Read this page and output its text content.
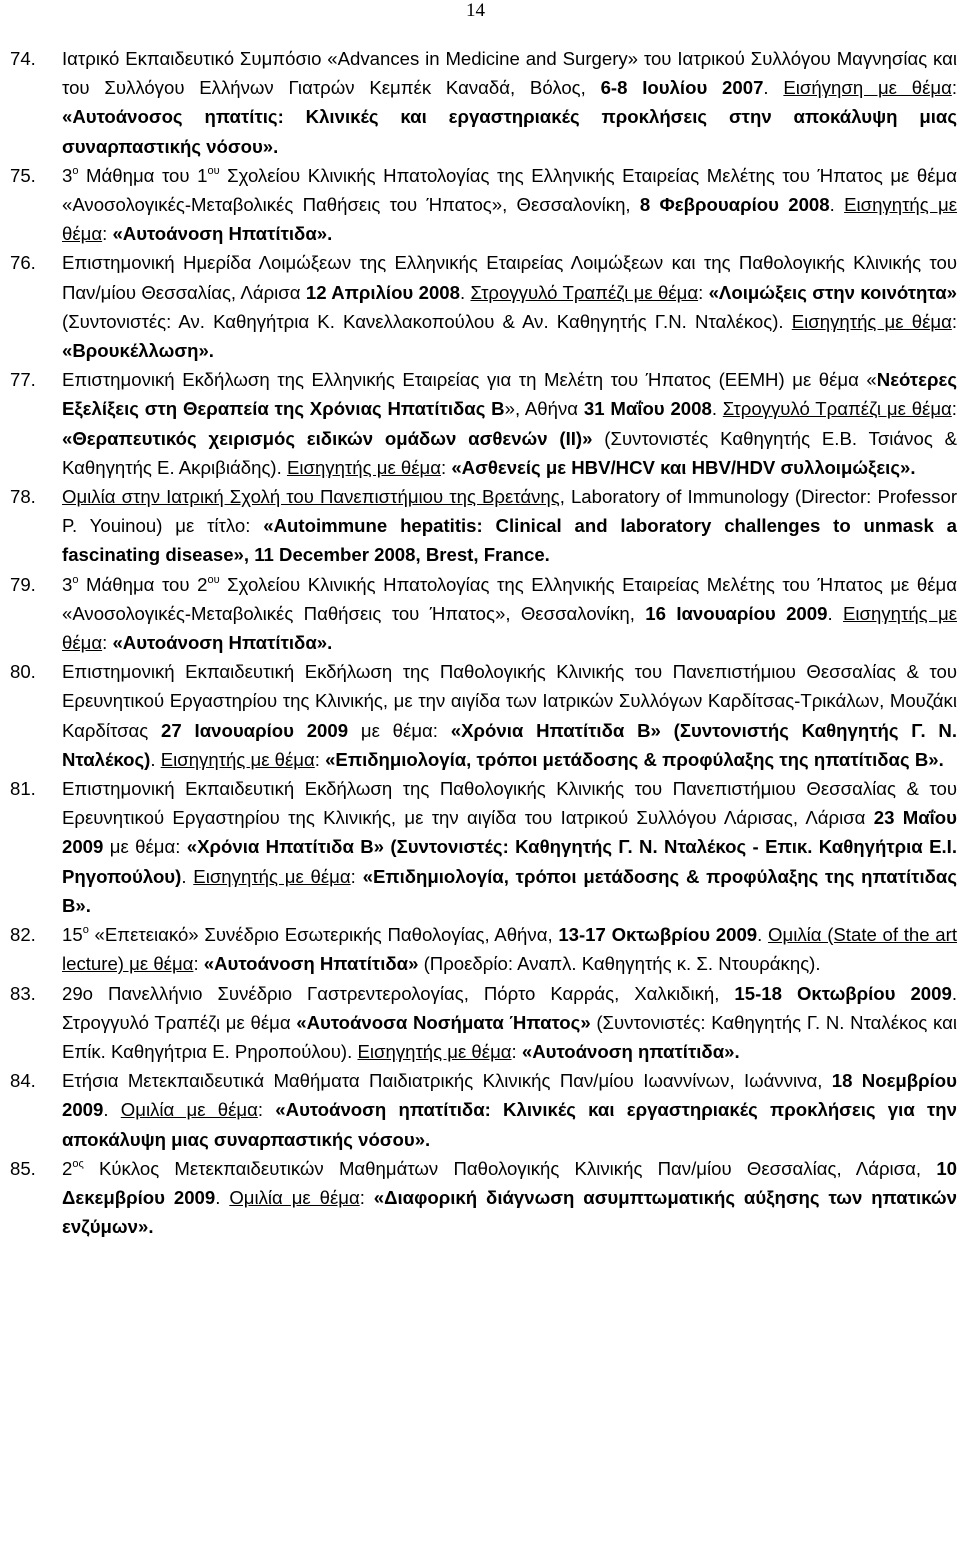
14
74.	Ιατρικό Εκπαιδευτικό Συμπόσιο «Advances in Medicine and Surgery» του Ιατρικού Συλλόγου Μαγνησίας και του Συλλόγου Ελλήνων Γιατρών Κεμπέκ Καναδά, Βόλος, 6-8 Ιουλίου 2007. Εισήγηση με θέμα: «Αυτοάνοσος ηπατίτις: Κλινικές και εργαστηριακές προκλήσεις στην αποκάλυψη μιας συναρπαστικής νόσου».
75.	$3^o$ Μάθημα του $1^{o\upsilon}$ Σχολείου Κλινικής Ηπατολογίας της Ελληνικής Εταιρείας Μελέτης του Ήπατος με θέμα «Ανοσολογικές-Μεταβολικές Παθήσεις του Ήπατος», Θεσσαλονίκη, 8 Φεβρουαρίου 2008. Εισηγητής με θέμα: «Αυτοάνοση Ηπατίτιδα».
76.	Επιστημονική Ημερίδα Λοιμώξεων της Ελληνικής Εταιρείας Λοιμώξεων και της Παθολογικής Κλινικής του Παν/μίου Θεσσαλίας, Λάρισα 12 Απριλίου 2008. Στρογγυλό Τραπέζι με θέμα: «Λοιμώξεις στην κοινότητα» (Συντονιστές: Αν. Καθηγήτρια Κ. Κανελλακοπούλου & Αν. Καθηγητής Γ.Ν. Νταλέκος). Εισηγητής με θέμα: «Βρουκέλλωση».
77.	Επιστημονική Εκδήλωση της Ελληνικής Εταιρείας για τη Μελέτη του Ήπατος (ΕΕΜΗ) με θέμα «Νεότερες Εξελίξεις στη Θεραπεία της Χρόνιας Ηπατίτιδας Β», Αθήνα 31 Μαΐου 2008. Στρογγυλό Τραπέζι με θέμα: «Θεραπευτικός χειρισμός ειδικών ομάδων ασθενών (ΙΙ)» (Συντονιστές Καθηγητής Ε.Β. Τσιάνος & Καθηγητής Ε. Ακριβιάδης). Εισηγητής με θέμα: «Ασθενείς με HBV/HCV και HBV/HDV συλλοιμώξεις».
78.	Ομιλία στην Ιατρική Σχολή του Πανεπιστήμιου της Βρετάνης, Laboratory of Immunology (Director: Professor P. Youinou) με τίτλο: «Autoimmune hepatitis: Clinical and laboratory challenges to unmask a fascinating disease», 11 December 2008, Brest, France.
79.	$3^o$ Μάθημα του $2^{o\upsilon}$ Σχολείου Κλινικής Ηπατολογίας της Ελληνικής Εταιρείας Μελέτης του Ήπατος με θέμα «Ανοσολογικές-Μεταβολικές Παθήσεις του Ήπατος», Θεσσαλονίκη, 16 Ιανουαρίου 2009. Εισηγητής με θέμα: «Αυτοάνοση Ηπατίτιδα».
80.	Επιστημονική Εκπαιδευτική Εκδήλωση της Παθολογικής Κλινικής του Πανεπιστήμιου Θεσσαλίας & του Ερευνητικού Εργαστηρίου της Κλινικής, με την αιγίδα των Ιατρικών Συλλόγων Καρδίτσας-Τρικάλων, Μουζάκι Καρδίτσας 27 Ιανουαρίου 2009 με θέμα: «Χρόνια Ηπατίτιδα Β» (Συντονιστής Καθηγητής Γ. Ν. Νταλέκος). Εισηγητής με θέμα: «Επιδημιολογία, τρόποι μετάδοσης & προφύλαξης της ηπατίτιδας Β».
81.	Επιστημονική Εκπαιδευτική Εκδήλωση της Παθολογικής Κλινικής του Πανεπιστήμιου Θεσσαλίας & του Ερευνητικού Εργαστηρίου της Κλινικής, με την αιγίδα του Ιατρικού Συλλόγου Λάρισας, Λάρισα 23 Μαΐου 2009 με θέμα: «Χρόνια Ηπατίτιδα Β» (Συντονιστές: Καθηγητής Γ. Ν. Νταλέκος - Επικ. Καθηγήτρια Ε.Ι. Ρηγοπούλου). Εισηγητής με θέμα: «Επιδημιολογία, τρόποι μετάδοσης & προφύλαξης της ηπατίτιδας Β».
82.	$15^o$ «Επετειακό» Συνέδριο Εσωτερικής Παθολογίας, Αθήνα, 13-17 Οκτωβρίου 2009. Ομιλία (State of the art lecture) με θέμα: «Αυτοάνοση Ηπατίτιδα» (Προεδρίο: Αναπλ. Καθηγητής κ. Σ. Ντουράκης).
83.	29ο Πανελλήνιο Συνέδριο Γαστρεντερολογίας, Πόρτο Καρράς, Χαλκιδική, 15-18 Οκτωβρίου 2009. Στρογγυλό Τραπέζι με θέμα «Αυτοάνοσα Νοσήματα Ήπατος» (Συντονιστές: Καθηγητής Γ. Ν. Νταλέκος και Επίκ. Καθηγήτρια Ε. Ρηροπούλου). Εισηγητής με θέμα: «Αυτοάνοση ηπατίτιδα».
84.	Ετήσια Μετεκπαιδευτικά Μαθήματα Παιδιατρικής Κλινικής Παν/μίου Ιωαννίνων, Ιωάννινα, 18 Νοεμβρίου 2009. Ομιλία με θέμα: «Αυτοάνοση ηπατίτιδα: Κλινικές και εργαστηριακές προκλήσεις για την αποκάλυψη μιας συναρπαστικής νόσου».
85.	$2^{o\varsigma}$ Κύκλος Μετεκπαιδευτικών Μαθημάτων Παθολογικής Κλινικής Παν/μίου Θεσσαλίας, Λάρισα, 10 Δεκεμβρίου 2009. Ομιλία με θέμα: «Διαφορική διάγνωση ασυμπτωματικής αύξησης των ηπατικών ενζύμων».
